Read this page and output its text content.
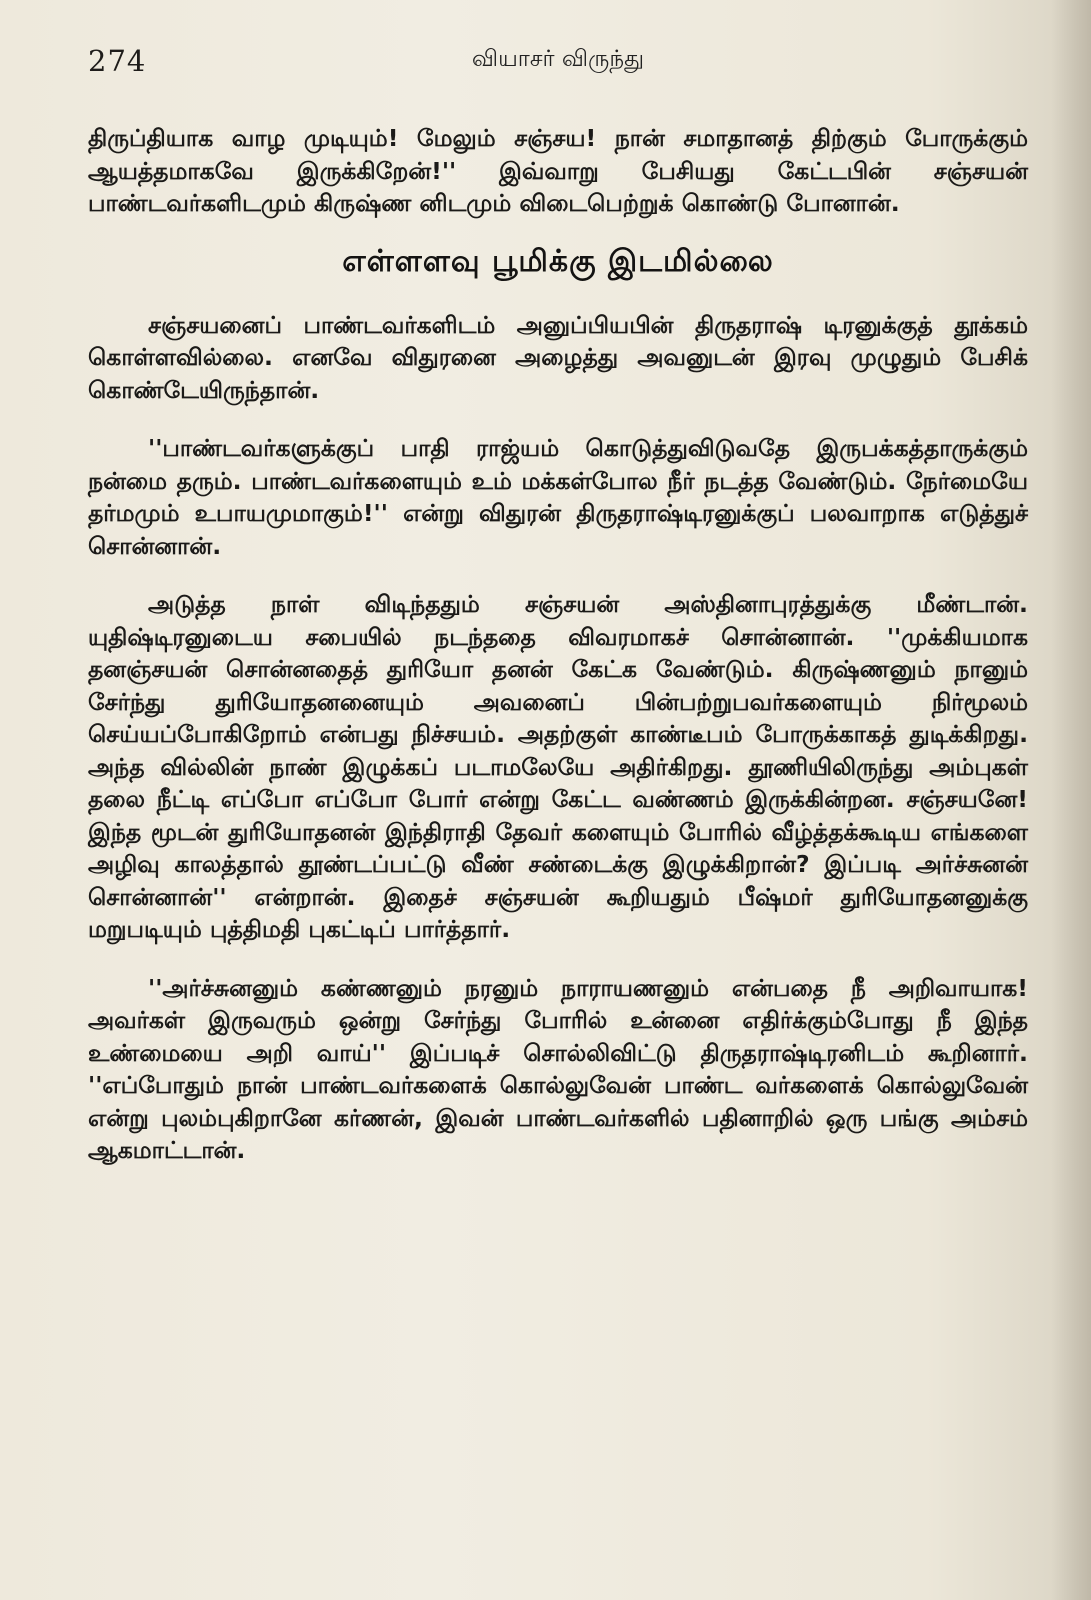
274	வியாசர் விருந்து

திருப்தியாக வாழ முடியும்! மேலும் சஞ்சய! நான் சமாதானத் திற்கும் போருக்கும் ஆயத்தமாகவே இருக்கிறேன்!'' இவ்வாறு பேசியது கேட்டபின் சஞ்சயன் பாண்டவர்களிடமும் கிருஷ்ண னிடமும் விடைபெற்றுக் கொண்டு போனான்.

எள்ளளவு பூமிக்கு இடமில்லை

சஞ்சயனைப் பாண்டவர்களிடம் அனுப்பியபின் திருதராஷ் டிரனுக்குத் தூக்கம் கொள்ளவில்லை. எனவே விதுரனை அழைத்து அவனுடன் இரவு முழுதும் பேசிக் கொண்டேயிருந்தான்.

''பாண்டவர்களுக்குப் பாதி ராஜ்யம் கொடுத்துவிடுவதே இருபக்கத்தாருக்கும் நன்மை தரும். பாண்டவர்களையும் உம் மக்கள்போல நீர் நடத்த வேண்டும். நேர்மையே தர்மமும் உபாயமுமாகும்!'' என்று விதுரன் திருதராஷ்டிரனுக்குப் பலவாறாக எடுத்துச் சொன்னான்.

அடுத்த நாள் விடிந்ததும் சஞ்சயன் அஸ்தினாபுரத்துக்கு மீண்டான். யுதிஷ்டிரனுடைய சபையில் நடந்ததை விவரமாகச் சொன்னான். ''முக்கியமாக தனஞ்சயன் சொன்னதைத் துரியோ தனன் கேட்க வேண்டும். கிருஷ்ணனும் நானும் சேர்ந்து துரியோதனனையும் அவனைப் பின்பற்றுபவர்களையும் நிர்மூலம் செய்யப்போகிறோம் என்பது நிச்சயம். அதற்குள் காண்டீபம் போருக்காகத் துடிக்கிறது. அந்த வில்லின் நாண் இழுக்கப் படாமலேயே அதிர்கிறது. தூணியிலிருந்து அம்புகள் தலை நீட்டி எப்போ எப்போ போர் என்று கேட்ட வண்ணம் இருக்கின்றன. சஞ்சயனே! இந்த மூடன் துரியோதனன் இந்திராதி தேவர் களையும் போரில் வீழ்த்தக்கூடிய எங்களை அழிவு காலத்தால் தூண்டப்பட்டு வீண் சண்டைக்கு இழுக்கிறான்? இப்படி அர்ச்சுனன் சொன்னான்'' என்றான். இதைச் சஞ்சயன் கூறியதும் பீஷ்மர் துரியோதனனுக்கு மறுபடியும் புத்திமதி புகட்டிப் பார்த்தார்.

''அர்ச்சுனனும் கண்ணனும் நரனும் நாராயணனும் என்பதை நீ அறிவாயாக! அவர்கள் இருவரும் ஒன்று சேர்ந்து போரில் உன்னை எதிர்க்கும்போது நீ இந்த உண்மையை அறி வாய்'' இப்படிச் சொல்லிவிட்டு திருதராஷ்டிரனிடம் கூறினார். ''எப்போதும் நான் பாண்டவர்களைக் கொல்லுவேன் பாண்ட வர்களைக் கொல்லுவேன் என்று புலம்புகிறானே கர்ணன், இவன் பாண்டவர்களில் பதினாறில் ஒரு பங்கு அம்சம் ஆகமாட்டான்.
